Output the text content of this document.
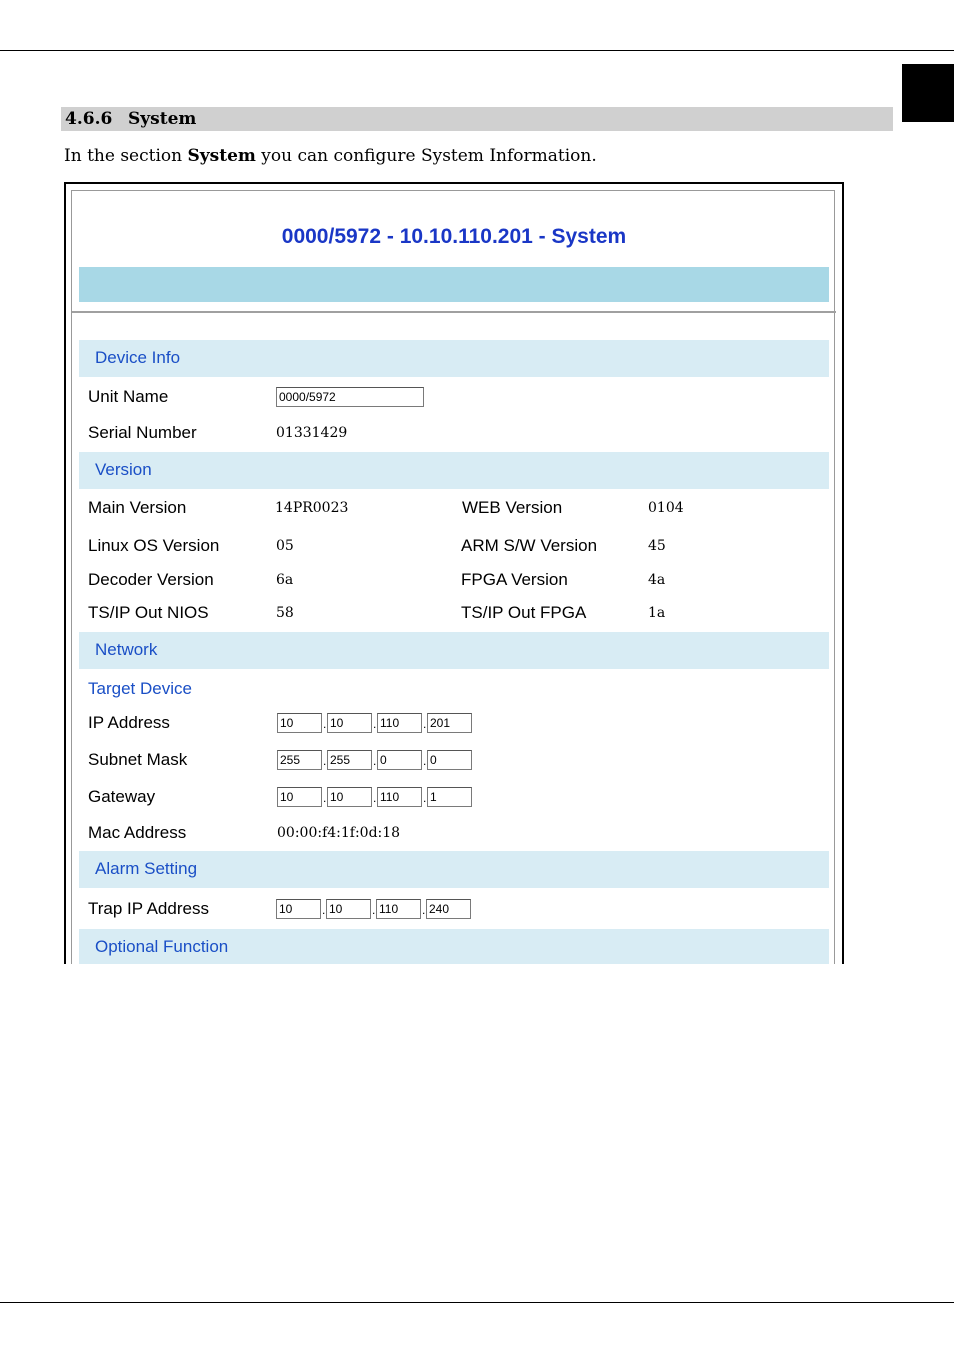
4.6.6 System
In the section System you can configure System Information.
0000/5972 - 10.10.110.201 - System
Device Info
Unit Name	0000/5972
Serial Number	01331429
Version
Main Version	14PR0023	WEB Version	0104
Linux OS Version	05	ARM S/W Version	45
Decoder Version	6a	FPGA Version	4a
TS/IP Out NIOS	58	TS/IP Out FPGA	1a
Network
Target Device
IP Address	10	. 10	. 110	. 201
Subnet Mask	255	. 255	. 0	. 0
Gateway	10	. 10	. 110	. 1
Mac Address	00:00:f4:1f:0d:18
Alarm Setting
Trap IP Address	10	. 10	. 110	. 240
Optional Function
